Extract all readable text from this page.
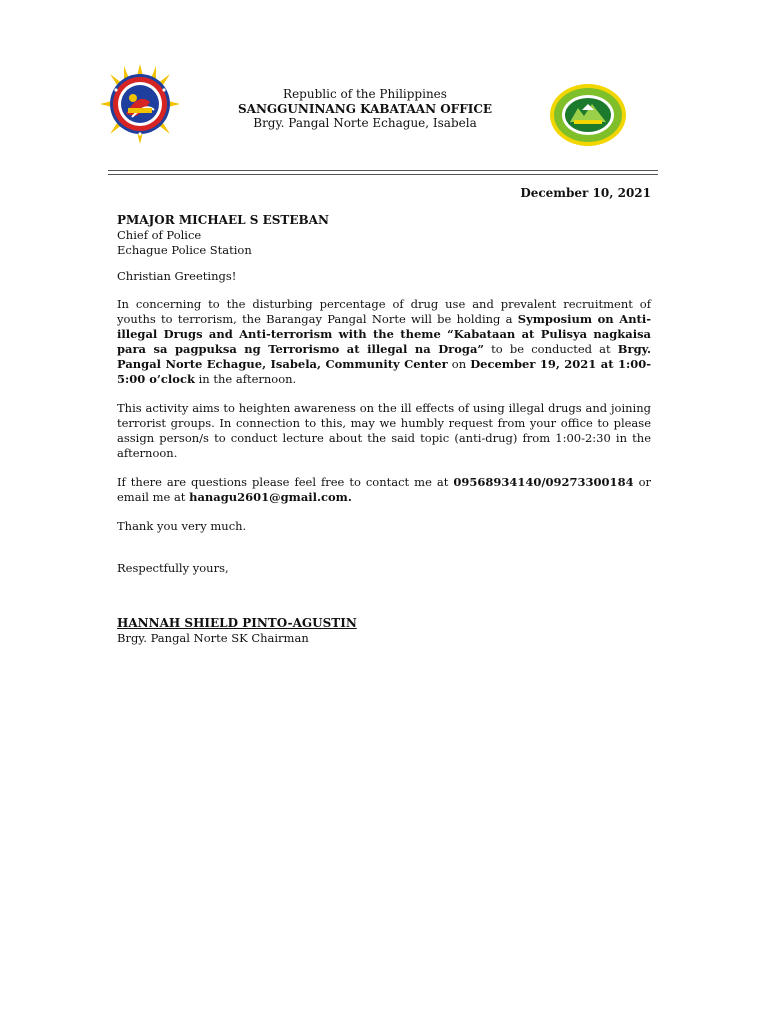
Republic of the Philippines
SANGGUNINANG KABATAAN OFFICE
Brgy. Pangal Norte Echague, Isabela
December 10, 2021

PMAJOR MICHAEL S ESTEBAN

Chief of Police

Echague Police Station

Christian Greetings!

In concerning to the disturbing percentage of drug use and prevalent recruitment of youths to terrorism, the Barangay Pangal Norte will be holding a Symposium on Anti-illegal Drugs and Anti-terrorism with the theme “Kabataan at Pulisya nagkaisa para sa pagpuksa ng Terrorismo at illegal na Droga” to be conducted at Brgy. Pangal Norte Echague, Isabela, Community Center on December 19, 2021 at 1:00-5:00 o’clock in the afternoon.

This activity aims to heighten awareness on the ill effects of using illegal drugs and joining terrorist groups. In connection to this, may we humbly request from your office to please assign person/s to conduct lecture about the said topic (anti-drug) from 1:00-2:30 in the afternoon.

If there are questions please feel free to contact me at 09568934140/09273300184 or email me at hanagu2601@gmail.com.

Thank you very much.

Respectfully yours,

HANNAH SHIELD PINTO-AGUSTIN

Brgy. Pangal Norte SK Chairman
